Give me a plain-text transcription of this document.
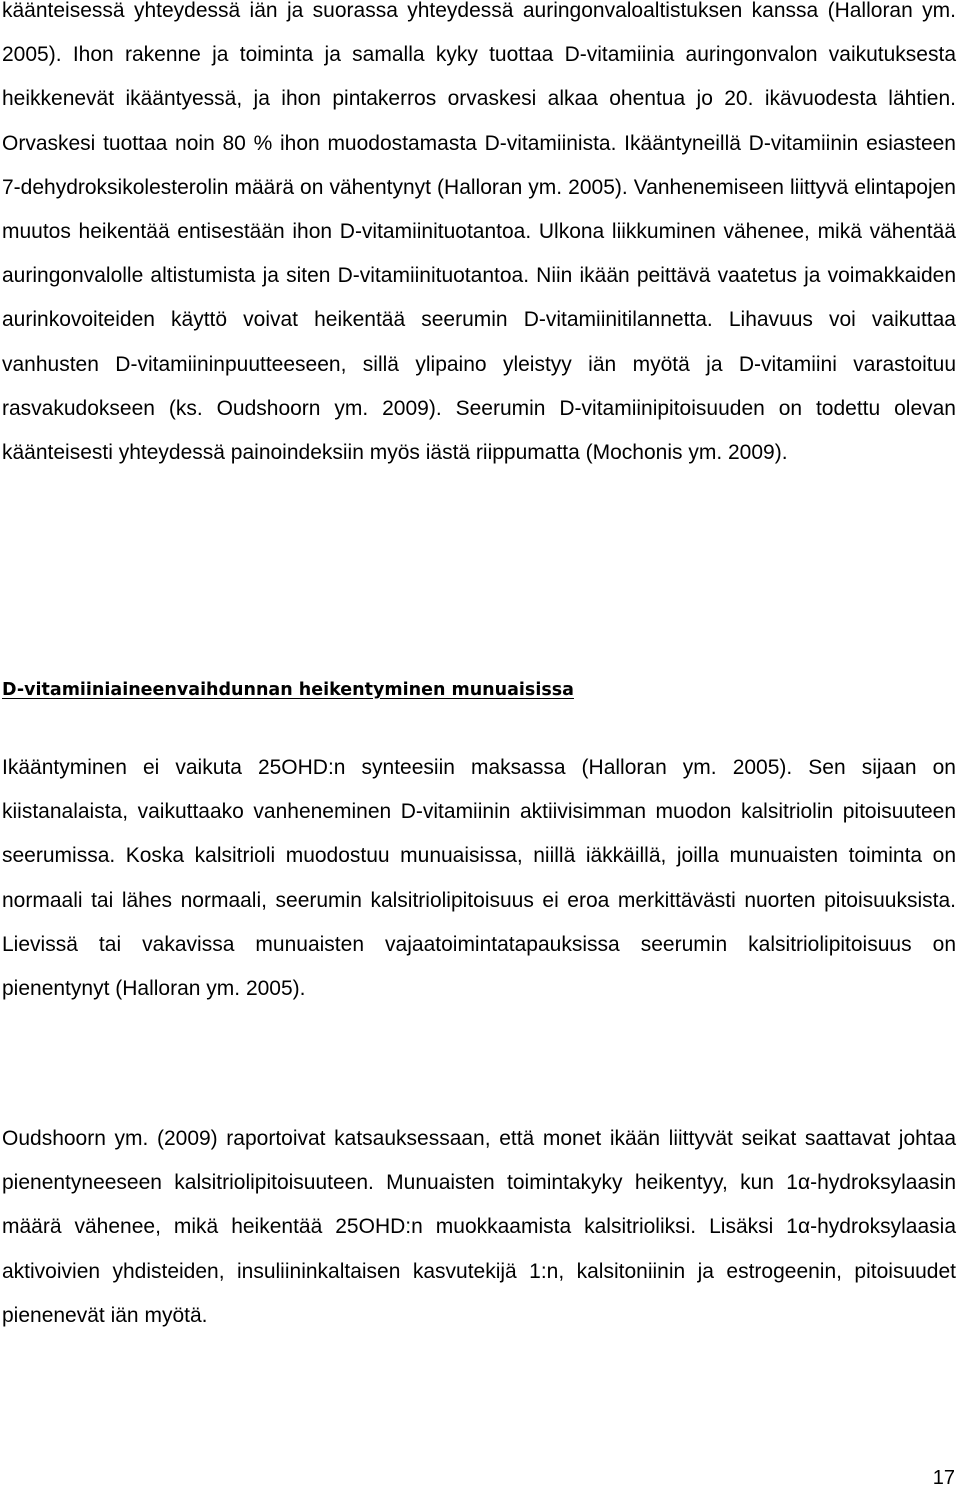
käänteisessä yhteydessä iän ja suorassa yhteydessä auringonvaloaltistuksen kanssa (Halloran ym. 2005). Ihon rakenne ja toiminta ja samalla kyky tuottaa D-vitamiinia auringonvalon vaikutuksesta heikkenevät ikääntyessä, ja ihon pintakerros orvaskesi alkaa ohentua jo 20. ikävuodesta lähtien. Orvaskesi tuottaa noin 80 % ihon muodostamasta D-vitamiinista. Ikääntyneillä D-vitamiinin esiasteen 7-dehydroksikolesterolin määrä on vähentynyt (Halloran ym. 2005). Vanhenemiseen liittyvä elintapojen muutos heikentää entisestään ihon D-vitamiinituotantoa. Ulkona liikkuminen vähenee, mikä vähentää auringonvalolle altistumista ja siten D-vitamiinituotantoa. Niin ikään peittävä vaatetus ja voimakkaiden aurinkovoiteiden käyttö voivat heikentää seerumin D-vitamiinitilannetta. Lihavuus voi vaikuttaa vanhusten D-vitamiininpuutteeseen, sillä ylipaino yleistyy iän myötä ja D-vitamiini varastoituu rasvakudokseen (ks. Oudshoorn ym. 2009). Seerumin D-vitamiinipitoisuuden on todettu olevan käänteisesti yhteydessä painoindeksiin myös iästä riippumatta (Mochonis ym. 2009).

D-vitamiiniaineenvaihdunnan heikentyminen munuaisissa

Ikääntyminen ei vaikuta 25OHD:n synteesiin maksassa (Halloran ym. 2005). Sen sijaan on kiistanalaista, vaikuttaako vanheneminen D-vitamiinin aktiivisimman muodon kalsitriolin pitoisuuteen seerumissa. Koska kalsitrioli muodostuu munuaisissa, niillä iäkkäillä, joilla munuaisten toiminta on normaali tai lähes normaali, seerumin kalsitriolipitoisuus ei eroa merkittävästi nuorten pitoisuuksista. Lievissä tai vakavissa munuaisten vajaatoimintatapauksissa seerumin kalsitriolipitoisuus on pienentynyt (Halloran ym. 2005).

Oudshoorn ym. (2009) raportoivat katsauksessaan, että monet ikään liittyvät seikat saattavat johtaa pienentyneeseen kalsitriolipitoisuuteen. Munuaisten toimintakyky heikentyy, kun 1α-hydroksylaasin määrä vähenee, mikä heikentää 25OHD:n muokkaamista kalsitrioliksi. Lisäksi 1α-hydroksylaasia aktivoivien yhdisteiden, insuliininkaltaisen kasvutekijä 1:n, kalsitoniinin ja estrogeenin, pitoisuudet pienenevät iän myötä.

17
